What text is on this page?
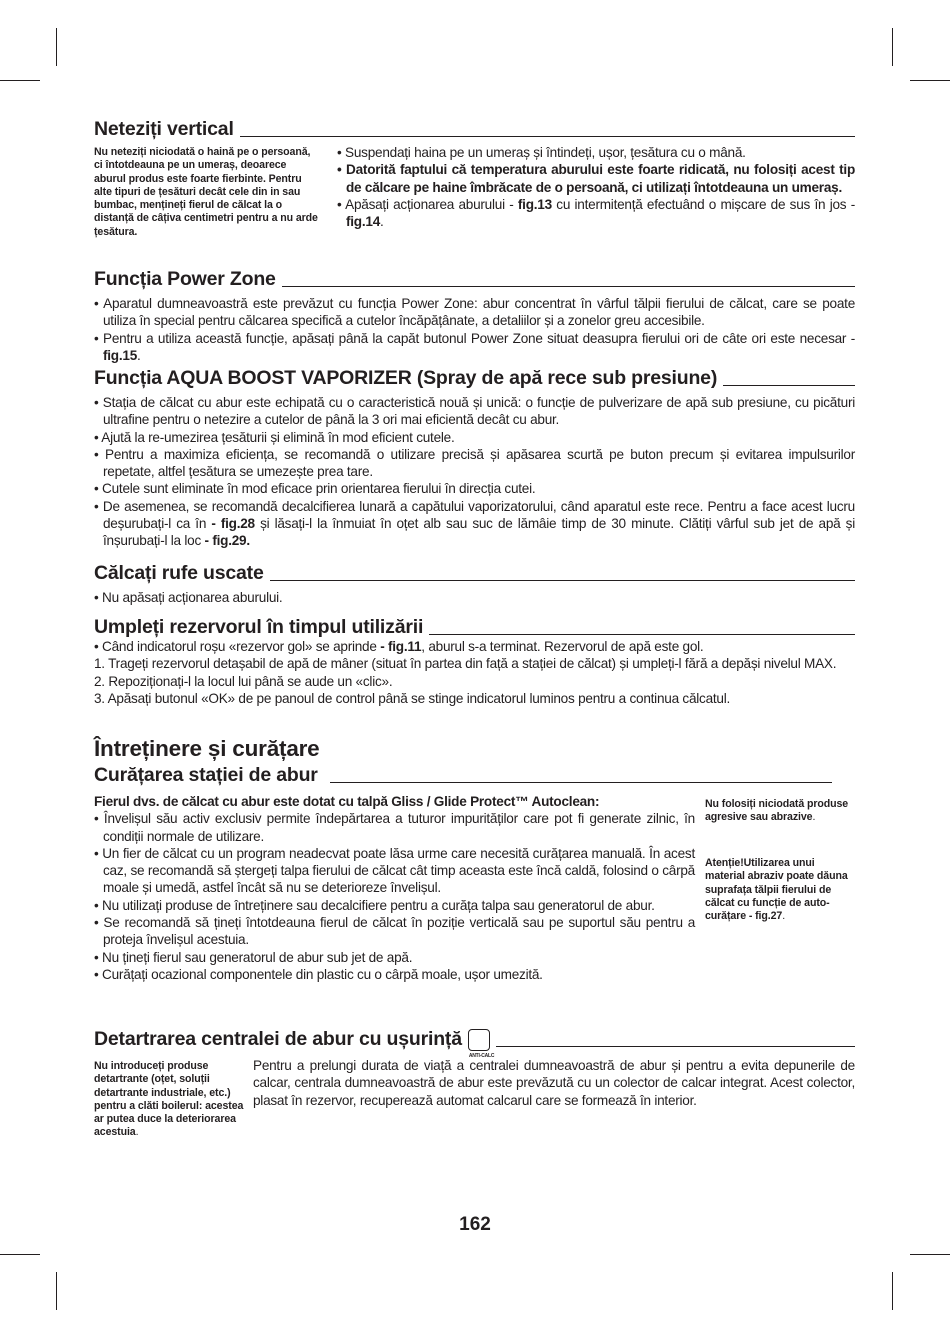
Neteziți vertical
Nu neteziți niciodată o haină pe o persoană, ci întotdeauna pe un umeraș, deoarece aburul produs este foarte fierbinte. Pentru alte tipuri de țesături decât cele din in sau bumbac, mențineți fierul de călcat la o distanță de câțiva centimetri pentru a nu arde țesătura.

• Suspendați haina pe un umeraș și întindeți, ușor, țesătura cu o mână.

• Datorită faptului că temperatura aburului este foarte ridicată, nu folosiți acest tip de călcare pe haine îmbrăcate de o persoană, ci utilizați întotdeauna un umeraș.

• Apăsați acționarea aburului - fig.13 cu intermitență efectuând o mișcare de sus în jos - fig.14.

Funcția Power Zone

• Aparatul dumneavoastră este prevăzut cu funcția Power Zone: abur concentrat în vârful tălpii fierului de călcat, care se poate utiliza în special pentru călcarea specifică a cutelor încăpățânate, a detaliilor și a zonelor greu accesibile.

• Pentru a utiliza această funcție, apăsați până la capăt butonul Power Zone situat deasupra fierului ori de câte ori este necesar - fig.15.

Funcția AQUA BOOST VAPORIZER (Spray de apă rece sub presiune)

• Stația de călcat cu abur este echipată cu o caracteristică nouă și unică: o funcție de pulverizare de apă sub presiune, cu picături ultrafine pentru o netezire a cutelor de până la 3 ori mai eficientă decât cu abur.

• Ajută la re-umezirea țesăturii și elimină în mod eficient cutele.

• Pentru a maximiza eficiența, se recomandă o utilizare precisă și apăsarea scurtă pe buton precum și evitarea impulsurilor repetate, altfel țesătura se umezește prea tare.

• Cutele sunt eliminate în mod eficace prin orientarea fierului în direcția cutei.

• De asemenea, se recomandă decalcifierea lunară a capătului vaporizatorului, când aparatul este rece. Pentru a face acest lucru deșurubați-l ca în - fig.28 și lăsați-l la înmuiat în oțet alb sau suc de lămâie timp de 30 minute. Clătiți vârful sub jet de apă și înșurubați-l la loc - fig.29.

Călcați rufe uscate

• Nu apăsați acționarea aburului.

Umpleți rezervorul în timpul utilizării

• Când indicatorul roșu «rezervor gol» se aprinde - fig.11, aburul s-a terminat. Rezervorul de apă este gol.

1. Trageți rezervorul detașabil de apă de mâner (situat în partea din față a stației de călcat) și umpleți-l fără a depăși nivelul MAX.

2. Repoziționați-l la locul lui până se aude un «clic».

3. Apăsați butonul «OK» de pe panoul de control până se stinge indicatorul luminos pentru a continua călcatul.

Întreținere și curățare
Curățarea stației de abur

Fierul dvs. de călcat cu abur este dotat cu talpă Gliss / Glide Protect™ Autoclean:

• Învelișul său activ exclusiv permite îndepărtarea a tuturor impurităților care pot fi generate zilnic, în condiții normale de utilizare.

• Un fier de călcat cu un program neadecvat poate lăsa urme care necesită curățarea manuală. În acest caz, se recomandă să ștergeți talpa fierului de călcat cât timp aceasta este încă caldă, folosind o cârpă moale și umedă, astfel încât să nu se deterioreze învelișul.

• Nu utilizați produse de întreținere sau decalcifiere pentru a curăța talpa sau generatorul de abur.

• Se recomandă să țineți întotdeauna fierul de călcat în poziție verticală sau pe suportul său pentru a proteja învelișul acestuia.

• Nu țineți fierul sau generatorul de abur sub jet de apă.

• Curățați ocazional componentele din plastic cu o cârpă moale, ușor umezită.

Nu folosiți niciodată produse agresive sau abrazive.
Atenție!Utilizarea unui material abraziv poate dăuna suprafața tălpii fierului de călcat cu funcție de auto-curățare - fig.27.
Detartrarea centralei de abur cu ușurință
ANTI-CALC
Nu introduceți produse detartrante (oțet, soluții detartrante industriale, etc.) pentru a clăti boilerul: acestea ar putea duce la deteriorarea acestuia.

Pentru a prelungi durata de viață a centralei dumneavoastră de abur și pentru a evita depunerile de calcar, centrala dumneavoastră de abur este prevăzută cu un colector de calcar integrat. Acest colector, plasat în rezervor, recuperează automat calcarul care se formează în interior.

162
